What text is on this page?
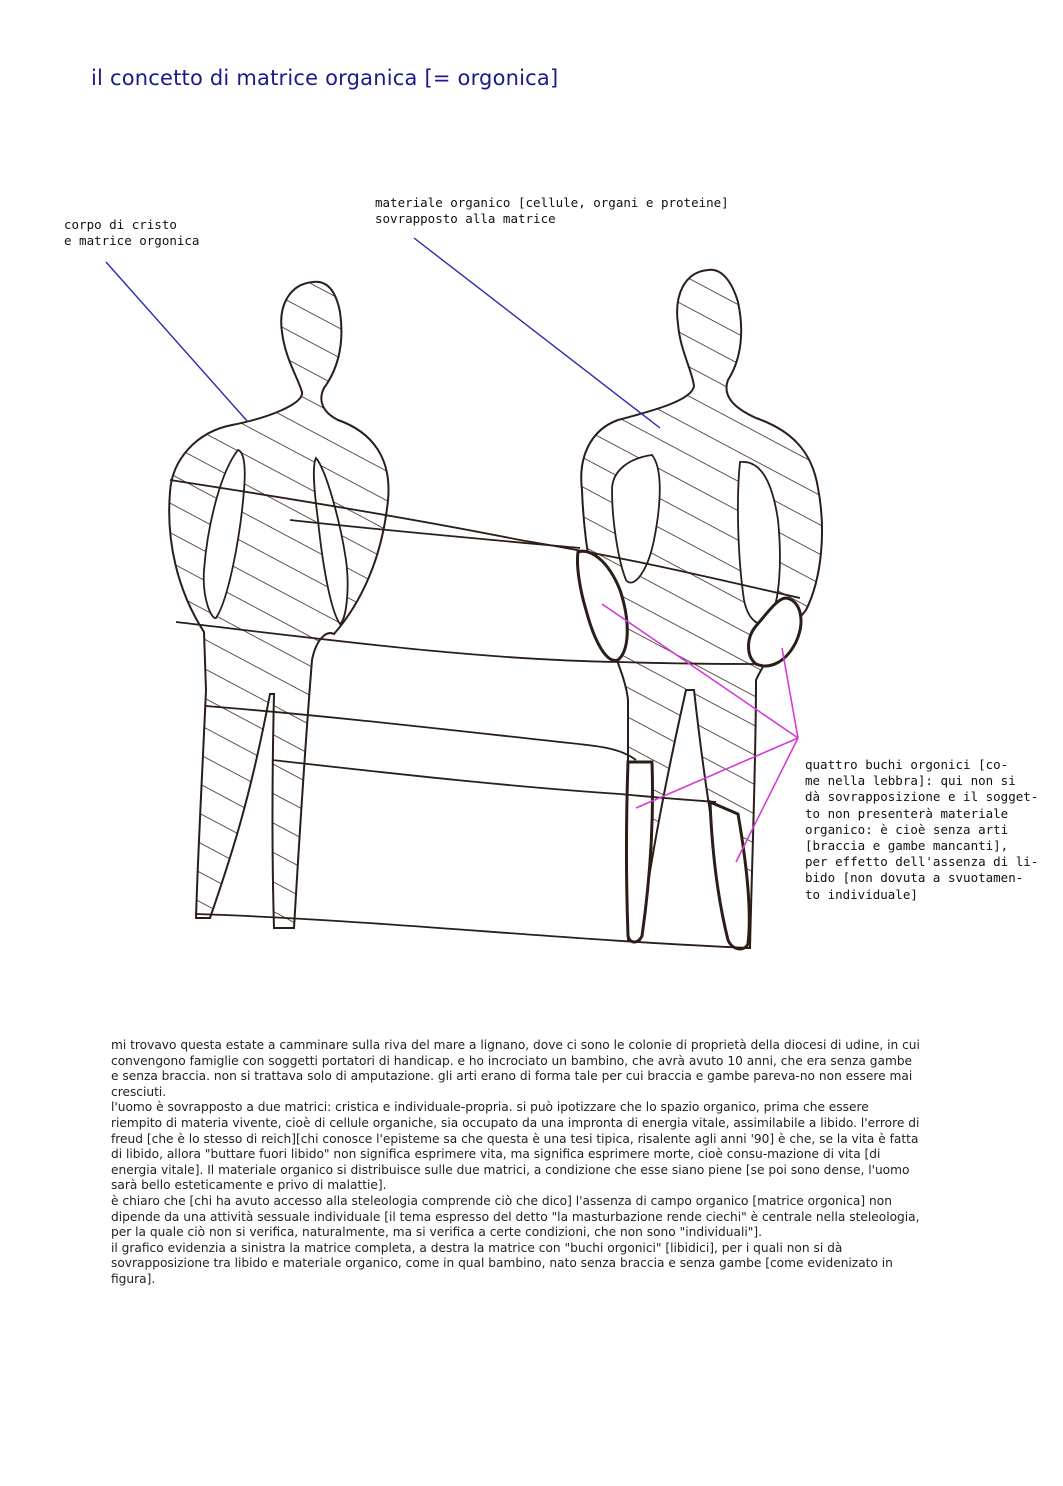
il concetto di matrice organica [= orgonica]
corpo di cristo
e matrice orgonica
materiale organico [cellule, organi e proteine]
sovrapposto alla matrice
quattro buchi orgonici [co-
me nella lebbra]: qui non si
dà sovrapposizione e il sogget-
to non presenterà materiale
organico: è cioè senza arti
[braccia e gambe mancanti],
per effetto dell'assenza di li-
bido [non dovuta a svuotamen-
to individuale]

mi trovavo questa estate a camminare sulla riva del mare a lignano, dove ci sono le colonie di proprietà della diocesi di udine, in cui convengono famiglie con soggetti portatori di handicap. e ho incrociato un bambino, che avrà avuto 10 anni, che era senza gambe e senza braccia. non si trattava solo di amputazione. gli arti erano di forma tale per cui braccia e gambe pareva-no non essere mai cresciuti.

l'uomo è sovrapposto a due matrici: cristica e individuale-propria. si può ipotizzare che lo spazio organico, prima che essere riempito di materia vivente, cioè di cellule organiche, sia occupato da una impronta di energia vitale, assimilabile a libido. l'errore di freud [che è lo stesso di reich][chi conosce l'episteme sa che questa è una tesi tipica, risalente agli anni '90] è che, se la vita è fatta di libido, allora "buttare fuori libido" non significa esprimere vita, ma significa esprimere morte, cioè consu-mazione di vita [di energia vitale]. Il materiale organico si distribuisce sulle due matrici, a condizione che esse siano piene [se poi sono dense, l'uomo sarà bello esteticamente e privo di malattie].

è chiaro che [chi ha avuto accesso alla steleologia comprende ciò che dico] l'assenza di campo organico [matrice orgonica] non dipende da una attività sessuale individuale [il tema espresso del detto "la masturbazione rende ciechi" è centrale nella steleologia, per la quale ciò non si verifica, naturalmente, ma si verifica a certe condizioni, che non sono "individuali"].

il grafico evidenzia a sinistra la matrice completa, a destra la matrice con "buchi orgonici" [libidici], per i quali non si dà sovrapposizione tra libido e materiale organico, come in qual bambino, nato senza braccia e senza gambe [come evidenizato in figura].
